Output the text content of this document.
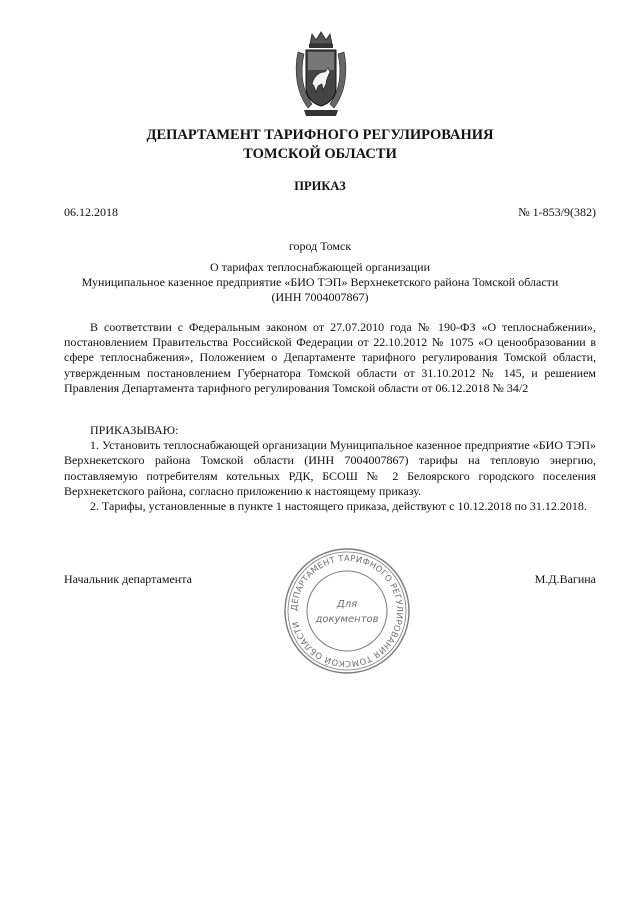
ДЕПАРТАМЕНТ ТАРИФНОГО РЕГУЛИРОВАНИЯ
ТОМСКОЙ ОБЛАСТИ
ПРИКАЗ
06.12.2018	№ 1-853/9(382)
город Томск
О тарифах теплоснабжающей организации
Муниципальное казенное предприятие «БИО ТЭП» Верхнекетского района Томской области
(ИНН 7004007867)

В соответствии с Федеральным законом от 27.07.2010 года № 190-ФЗ «О теплоснабжении», постановлением Правительства Российской Федерации от 22.10.2012 № 1075 «О ценообразовании в сфере теплоснабжения», Положением о Департаменте тарифного регулирования Томской области, утвержденным постановлением Губернатора Томской области от 31.10.2012 № 145, и решением Правления Департамента тарифного регулирования Томской области от 06.12.2018 № 34/2

ПРИКАЗЫВАЮ:

1. Установить теплоснабжающей организации Муниципальное казенное предприятие «БИО ТЭП» Верхнекетского района Томской области (ИНН 7004007867) тарифы на тепловую энергию, поставляемую потребителям котельных РДК, БСОШ № 2 Белоярского городского поселения Верхнекетского района, согласно приложению к настоящему приказу.

2. Тарифы, установленные в пункте 1 настоящего приказа, действуют с 10.12.2018 по 31.12.2018.

Начальник департамента	М.Д.Вагина
ДЕПАРТАМЕНТ ТАРИФНОГО РЕГУЛИРОВАНИЯ ТОМСКОЙ ОБЛАСТИ
Для
документов
